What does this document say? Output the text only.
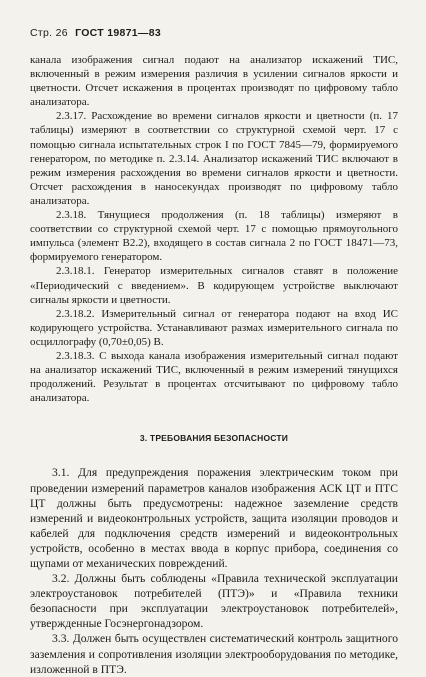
Стр. 26 ГОСТ 19871—83

канала изображения сигнал подают на анализатор искажений ТИС, включенный в режим измерения различия в усилении сигналов яркости и цветности. Отсчет искажения в процентах производят по цифровому табло анализатора.

2.3.17. Расхождение во времени сигналов яркости и цветности (п. 17 таблицы) измеряют в соответствии со структурной схемой черт. 17 с помощью сигнала испытательных строк I по ГОСТ 7845—79, формируемого генератором, по методике п. 2.3.14. Анализатор искажений ТИС включают в режим измерения расхождения во времени сигналов яркости и цветности. Отсчет расхождения в наносекундах производят по цифровому табло анализатора.

2.3.18. Тянущиеся продолжения (п. 18 таблицы) измеряют в соответствии со структурной схемой черт. 17 с помощью прямоугольного импульса (элемент В2.2), входящего в состав сигнала 2 по ГОСТ 18471—73, формируемого генератором.

2.3.18.1. Генератор измерительных сигналов ставят в положение «Периодический с введением». В кодирующем устройстве выключают сигналы яркости и цветности.

2.3.18.2. Измерительный сигнал от генератора подают на вход ИС кодирующего устройства. Устанавливают размах измерительного сигнала по осциллографу (0,70±0,05) В.

2.3.18.3. С выхода канала изображения измерительный сигнал подают на анализатор искажений ТИС, включенный в режим измерений тянущихся продолжений. Результат в процентах отсчитывают по цифровому табло анализатора.

3. ТРЕБОВАНИЯ БЕЗОПАСНОСТИ

3.1. Для предупреждения поражения электрическим током при проведении измерений параметров каналов изображения АСК ЦТ и ПТС ЦТ должны быть предусмотрены: надежное заземление средств измерений и видеоконтрольных устройств, защита изоляции проводов и кабелей для подключения средств измерений и видеоконтрольных устройств, особенно в местах ввода в корпус прибора, соединения со щупами от механических повреждений.

3.2. Должны быть соблюдены «Правила технической эксплуатации электроустановок потребителей (ПТЭ)» и «Правила техники безопасности при эксплуатации электроустановок потребителей», утвержденные Госэнергонадзором.

3.3. Должен быть осуществлен систематический контроль защитного заземления и сопротивления изоляции электрооборудования по методике, изложенной в ПТЭ.
